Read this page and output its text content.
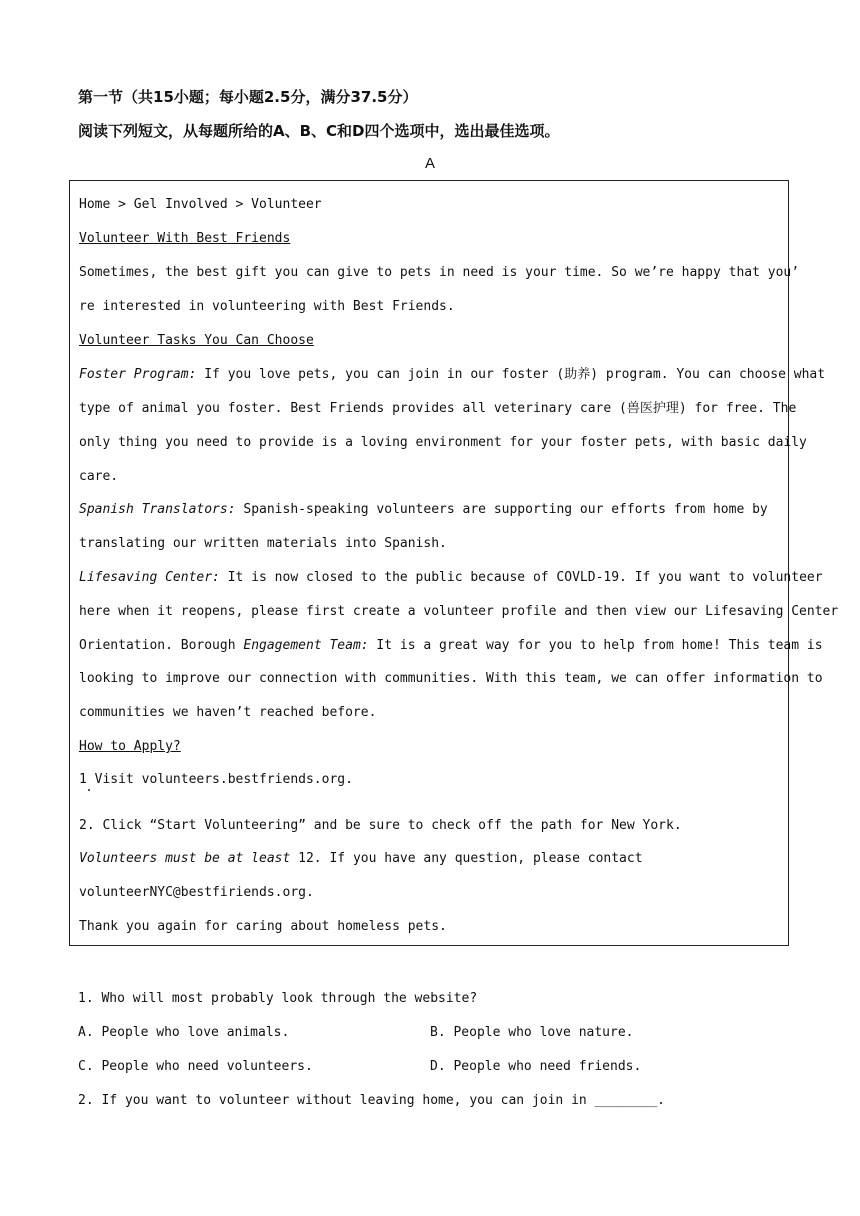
第一节（共15小题；每小题2.5分，满分37.5分）
阅读下列短文，从每题所给的A、B、C和D四个选项中，选出最佳选项。
A
Home > Gel Involved > Volunteer
Volunteer With Best Friends
Sometimes, the best gift you can give to pets in need is your time. So we’re happy that you’
re interested in volunteering with Best Friends.
Volunteer Tasks You Can Choose
Foster Program: If you love pets, you can join in our foster (助养) program. You can choose what
type of animal you foster. Best Friends provides all veterinary care (兽医护理) for free. The
only thing you need to provide is a loving environment for your foster pets, with basic daily
care.
Spanish Translators: Spanish-speaking volunteers are supporting our efforts from home by
translating our written materials into Spanish.
Lifesaving Center: It is now closed to the public because of COVLD-19. If you want to volunteer
here when it reopens, please first create a volunteer profile and then view our Lifesaving Center
Orientation. Borough Engagement Team: It is a great way for you to help from home! This team is
looking to improve our connection with communities. With this team, we can offer information to
communities we haven’t reached before.
How to Apply?
1 Visit volunteers.bestfriends.org.
2. Click “Start Volunteering” and be sure to check off the path for New York.
Volunteers must be at least 12. If you have any question, please contact
volunteerNYC@bestfiriends.org.
Thank you again for caring about homeless pets.
1. Who will most probably look through the website?
A. People who love animals.	B. People who love nature.
C. People who need volunteers.	D. People who need friends.
2. If you want to volunteer without leaving home, you can join in ________.
